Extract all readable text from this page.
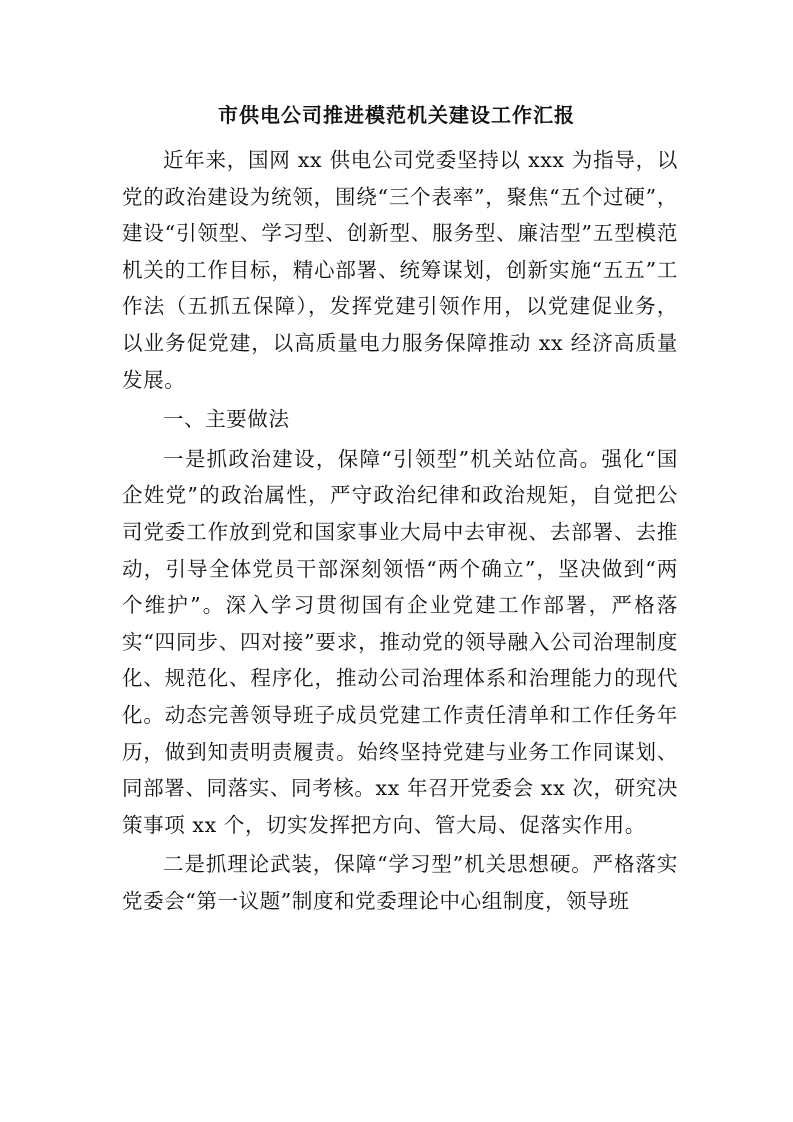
市供电公司推进模范机关建设工作汇报

近年来，国网 xx 供电公司党委坚持以 xxx 为指导，以党的政治建设为统领，围绕“三个表率”，聚焦“五个过硬”，建设“引领型、学习型、创新型、服务型、廉洁型”五型模范机关的工作目标，精心部署、统筹谋划，创新实施“五五”工作法（五抓五保障），发挥党建引领作用，以党建促业务，以业务促党建，以高质量电力服务保障推动 xx 经济高质量发展。

一、主要做法

一是抓政治建设，保障“引领型”机关站位高。强化“国企姓党”的政治属性，严守政治纪律和政治规矩，自觉把公司党委工作放到党和国家事业大局中去审视、去部署、去推动，引导全体党员干部深刻领悟“两个确立”，坚决做到“两个维护”。深入学习贯彻国有企业党建工作部署，严格落实“四同步、四对接”要求，推动党的领导融入公司治理制度化、规范化、程序化，推动公司治理体系和治理能力的现代化。动态完善领导班子成员党建工作责任清单和工作任务年历，做到知责明责履责。始终坚持党建与业务工作同谋划、同部署、同落实、同考核。xx 年召开党委会 xx 次，研究决策事项 xx 个，切实发挥把方向、管大局、促落实作用。

二是抓理论武装，保障“学习型”机关思想硬。严格落实党委会“第一议题”制度和党委理论中心组制度，领导班
